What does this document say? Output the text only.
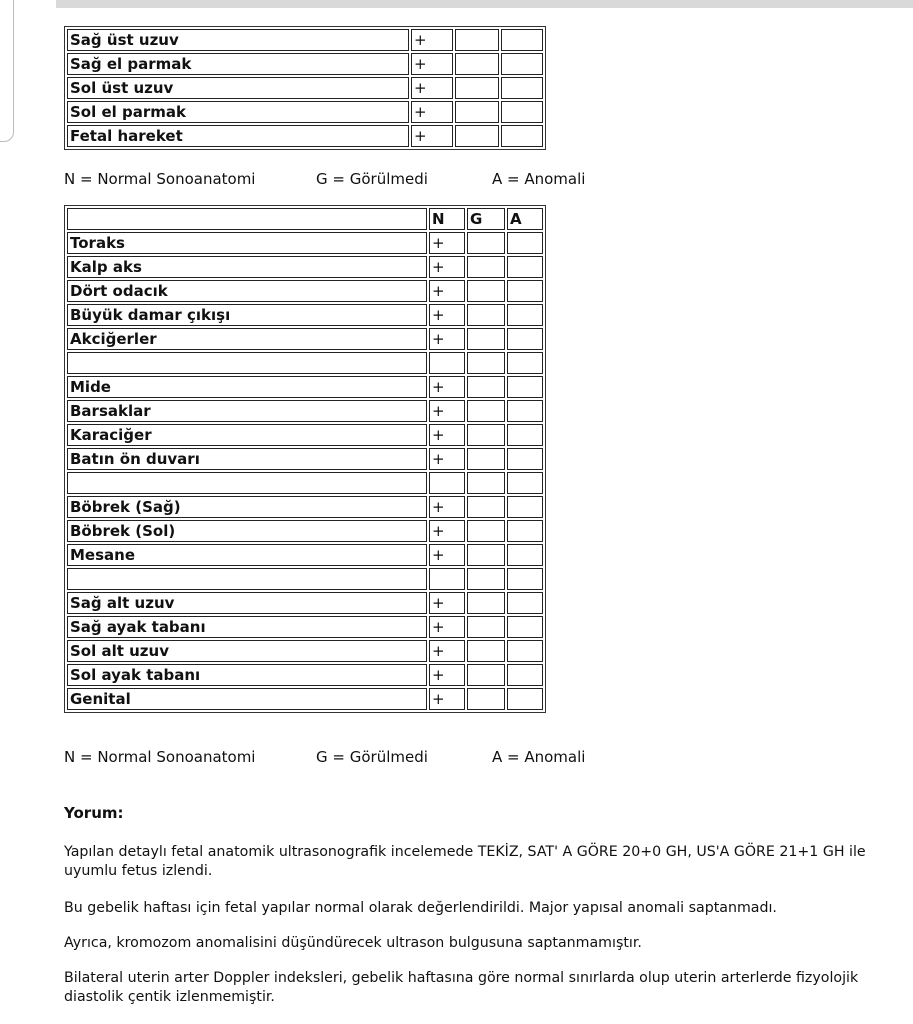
Sağ üst uzuv	+		
Sağ el parmak	+		
Sol üst uzuv	+		
Sol el parmak	+		
Fetal hareket	+		
N = Normal Sonoanatomi	G = Görülmedi	A = Anomali
	N	G	A
Toraks	+		
Kalp aks	+		
Dört odacık	+		
Büyük damar çıkışı	+		
Akciğerler	+		

Mide	+		
Barsaklar	+		
Karaciğer	+		
Batın ön duvarı	+		

Böbrek (Sağ)	+		
Böbrek (Sol)	+		
Mesane	+		

Sağ alt uzuv	+		
Sağ ayak tabanı	+		
Sol alt uzuv	+		
Sol ayak tabanı	+		
Genital	+		
N = Normal Sonoanatomi	G = Görülmedi	A = Anomali
Yorum:
Yapılan detaylı fetal anatomik ultrasonografik incelemede TEKİZ, SAT' A GÖRE 20+0 GH, US'A GÖRE 21+1 GH ile uyumlu fetus izlendi.
Bu gebelik haftası için fetal yapılar normal olarak değerlendirildi. Major yapısal anomali saptanmadı.
Ayrıca, kromozom anomalisini düşündürecek ultrason bulgusuna saptanmamıştır.
Bilateral uterin arter Doppler indeksleri, gebelik haftasına göre normal sınırlarda olup uterin arterlerde fizyolojik diastolik çentik izlenmemiştir.
